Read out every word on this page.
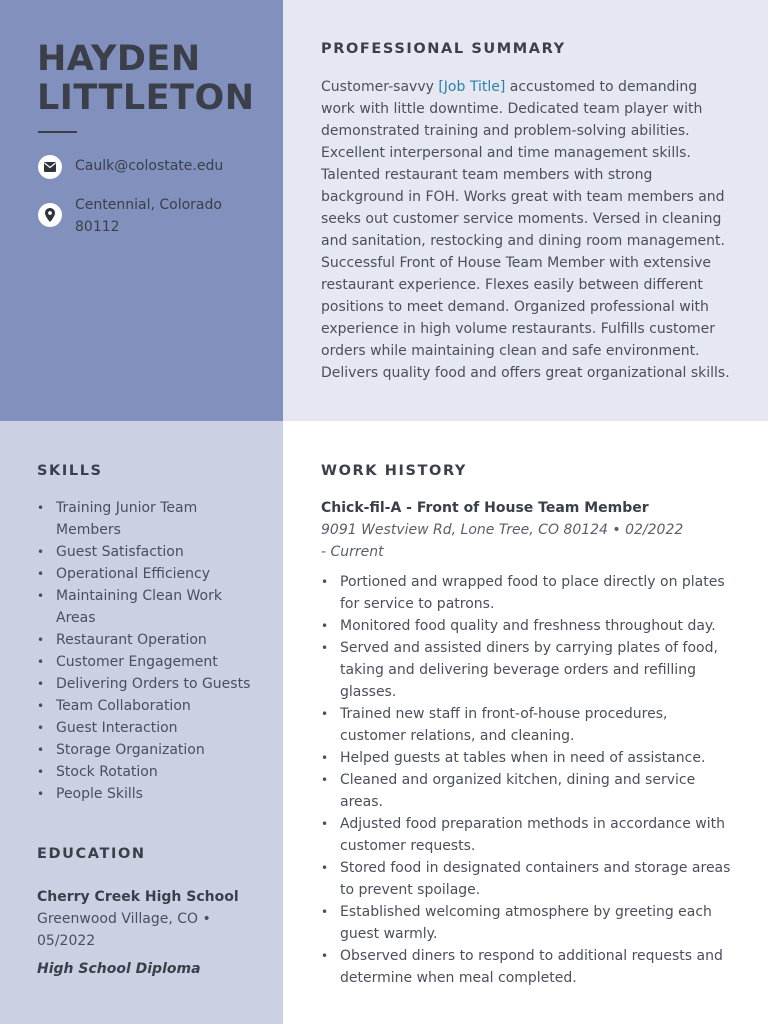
HAYDEN
LITTLETON
Caulk@colostate.edu
Centennial, Colorado 80112
PROFESSIONAL SUMMARY

Customer-savvy [Job Title] accustomed to demanding work with little downtime. Dedicated team player with demonstrated training and problem-solving abilities. Excellent interpersonal and time management skills. Talented restaurant team members with strong background in FOH. Works great with team members and seeks out customer service moments. Versed in cleaning and sanitation, restocking and dining room management. Successful Front of House Team Member with extensive restaurant experience. Flexes easily between different positions to meet demand. Organized professional with experience in high volume restaurants. Fulfills customer orders while maintaining clean and safe environment. Delivers quality food and offers great organizational skills.

SKILLS
• Training Junior Team Members
• Guest Satisfaction
• Operational Efficiency
• Maintaining Clean Work Areas
• Restaurant Operation
• Customer Engagement
• Delivering Orders to Guests
• Team Collaboration
• Guest Interaction
• Storage Organization
• Stock Rotation
• People Skills
EDUCATION
Cherry Creek High School
Greenwood Village, CO • 05/2022
High School Diploma
WORK HISTORY
Chick-fil-A - Front of House Team Member
9091 Westview Rd, Lone Tree, CO 80124 • 02/2022 - Current
• Portioned and wrapped food to place directly on plates for service to patrons.
• Monitored food quality and freshness throughout day.
• Served and assisted diners by carrying plates of food, taking and delivering beverage orders and refilling glasses.
• Trained new staff in front-of-house procedures, customer relations, and cleaning.
• Helped guests at tables when in need of assistance.
• Cleaned and organized kitchen, dining and service areas.
• Adjusted food preparation methods in accordance with customer requests.
• Stored food in designated containers and storage areas to prevent spoilage.
• Established welcoming atmosphere by greeting each guest warmly.
• Observed diners to respond to additional requests and determine when meal completed.
